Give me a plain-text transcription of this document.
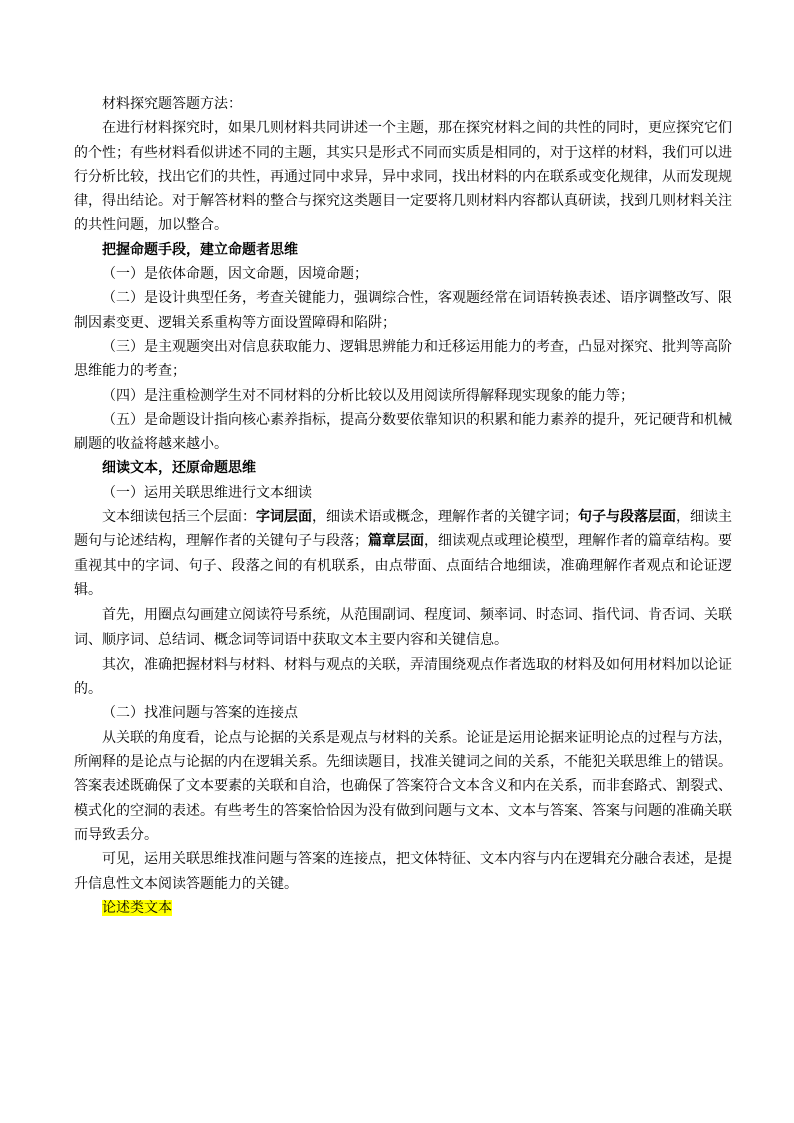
材料探究题答题方法：

在进行材料探究时，如果几则材料共同讲述一个主题，那在探究材料之间的共性的同时，更应探究它们的个性；有些材料看似讲述不同的主题，其实只是形式不同而实质是相同的，对于这样的材料，我们可以进行分析比较，找出它们的共性，再通过同中求异，异中求同，找出材料的内在联系或变化规律，从而发现规律，得出结论。对于解答材料的整合与探究这类题目一定要将几则材料内容都认真研读，找到几则材料关注的共性问题，加以整合。

把握命题手段，建立命题者思维

（一）是依体命题，因文命题，因境命题；

（二）是设计典型任务，考查关键能力，强调综合性，客观题经常在词语转换表述、语序调整改写、限制因素变更、逻辑关系重构等方面设置障碍和陷阱；

（三）是主观题突出对信息获取能力、逻辑思辨能力和迁移运用能力的考查，凸显对探究、批判等高阶思维能力的考查；

（四）是注重检测学生对不同材料的分析比较以及用阅读所得解释现实现象的能力等；

（五）是命题设计指向核心素养指标，提高分数要依靠知识的积累和能力素养的提升，死记硬背和机械刷题的收益将越来越小。

细读文本，还原命题思维

（一）运用关联思维进行文本细读

文本细读包括三个层面：字词层面，细读术语或概念，理解作者的关键字词；句子与段落层面，细读主题句与论述结构，理解作者的关键句子与段落；篇章层面，细读观点或理论模型，理解作者的篇章结构。要重视其中的字词、句子、段落之间的有机联系，由点带面、点面结合地细读，准确理解作者观点和论证逻辑。

首先，用圈点勾画建立阅读符号系统，从范围副词、程度词、频率词、时态词、指代词、肯否词、关联词、顺序词、总结词、概念词等词语中获取文本主要内容和关键信息。

其次，准确把握材料与材料、材料与观点的关联，弄清围绕观点作者选取的材料及如何用材料加以论证的。

（二）找准问题与答案的连接点

从关联的角度看，论点与论据的关系是观点与材料的关系。论证是运用论据来证明论点的过程与方法，所阐释的是论点与论据的内在逻辑关系。先细读题目，找准关键词之间的关系，不能犯关联思维上的错误。答案表述既确保了文本要素的关联和自洽，也确保了答案符合文本含义和内在关系，而非套路式、割裂式、模式化的空洞的表述。有些考生的答案恰恰因为没有做到问题与文本、文本与答案、答案与问题的准确关联而导致丢分。

可见，运用关联思维找准问题与答案的连接点，把文体特征、文本内容与内在逻辑充分融合表述，是提升信息性文本阅读答题能力的关键。

论述类文本
